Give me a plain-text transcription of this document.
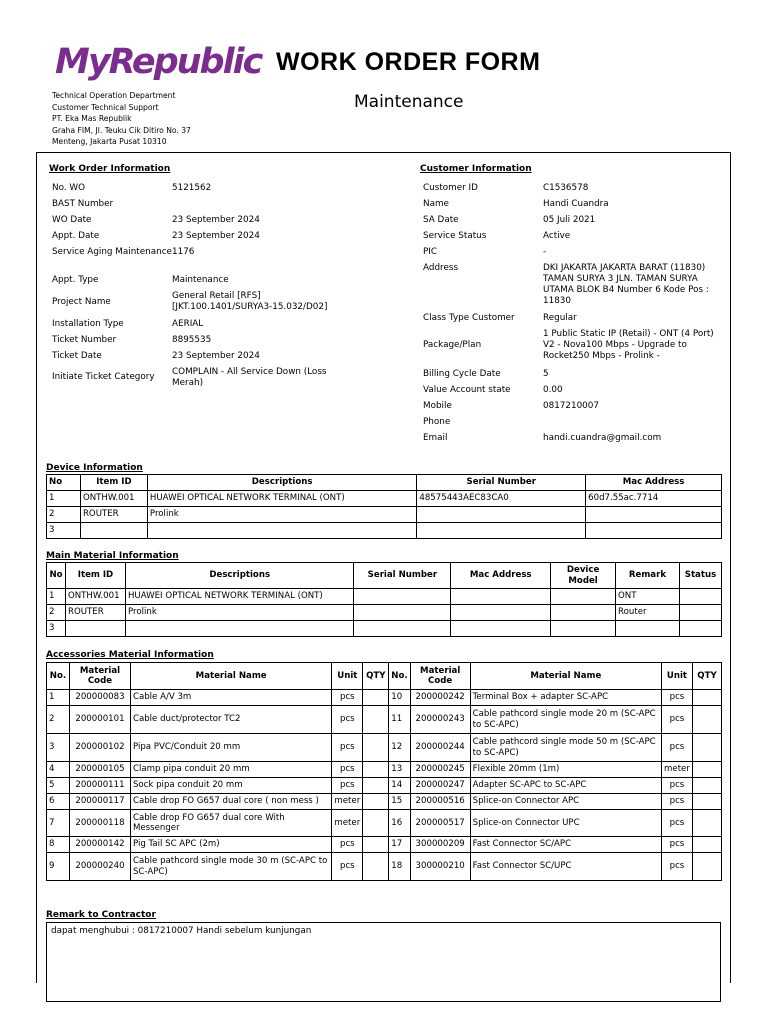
MyRepublic WORK ORDER FORM
Maintenance
Technical Operation Department
Customer Technical Support
PT. Eka Mas Republik
Graha FIM, Jl. Teuku Cik Ditiro No. 37
Menteng, Jakarta Pusat 10310
Work Order Information
No. WO	5121562
BAST Number
WO Date	23 September 2024
Appt. Date	23 September 2024
Service Aging Maintenance 1176
Appt. Type	Maintenance
Project Name
General Retail [RFS] [JKT.100.1401/SURYA3-15.032/D02]
Installation Type	AERIAL
Ticket Number	8895535
Ticket Date	23 September 2024
Initiate Ticket Category	COMPLAIN - All Service Down (Loss Merah)
Customer Information
Customer ID	C1536578
Name	Handi Cuandra
SA Date	05 Juli 2021
Service Status	Active
PIC	-
Address	DKI JAKARTA JAKARTA BARAT (11830) TAMAN SURYA 3 JLN. TAMAN SURYA UTAMA BLOK B4 Number 6 Kode Pos : 11830
Class Type Customer	Regular
Package/Plan
1 Public Static IP (Retail) - ONT (4 Port) V2 - Nova100 Mbps - Upgrade to Rocket250 Mbps - Prolink -
Billing Cycle Date	5
Value Account state	0.00
Mobile	0817210007
Phone
Email	handi.cuandra@gmail.com
Device Information
No	Item ID	Descriptions	Serial Number	Mac Address
1	ONTHW.001	HUAWEI OPTICAL NETWORK TERMINAL (ONT)	48575443AEC83CA0	60d7.55ac.7714
2	ROUTER	Prolink		
3				
Main Material Information
No	Item ID	Descriptions	Serial Number	Mac Address	Device Model	Remark	Status
1	ONTHW.001	HUAWEI OPTICAL NETWORK TERMINAL (ONT)				ONT	
2	ROUTER	Prolink				Router	
3							
Accessories Material Information
No.	Material Code	Material Name	Unit	QTY	No.	Material Code	Material Name	Unit	QTY
1	200000083	Cable A/V 3m	pcs		10	200000242	Terminal Box + adapter SC-APC	pcs	
2	200000101	Cable duct/protector TC2	pcs		11	200000243	Cable pathcord single mode 20 m (SC-APC to SC-APC)	pcs	
3	200000102	Pipa PVC/Conduit 20 mm	pcs		12	200000244	Cable pathcord single mode 50 m (SC-APC to SC-APC)	pcs	
4	200000105	Clamp pipa conduit 20 mm	pcs		13	200000245	Flexible 20mm (1m)	meter	
5	200000111	Sock pipa conduit 20 mm	pcs		14	200000247	Adapter SC-APC to SC-APC	pcs	
6	200000117	Cable drop FO G657 dual core ( non mess )	meter		15	200000516	Splice-on Connector APC	pcs	
7	200000118	Cable drop FO G657 dual core With Messenger	meter		16	200000517	Splice-on Connector UPC	pcs	
8	200000142	Pig Tail SC APC (2m)	pcs		17	300000209	Fast Connector SC/APC	pcs	
9	200000240	Cable pathcord single mode 30 m (SC-APC to SC-APC)	pcs		18	300000210	Fast Connector SC/UPC	pcs	
Remark to Contractor
dapat menghubui : 0817210007 Handi sebelum kunjungan
